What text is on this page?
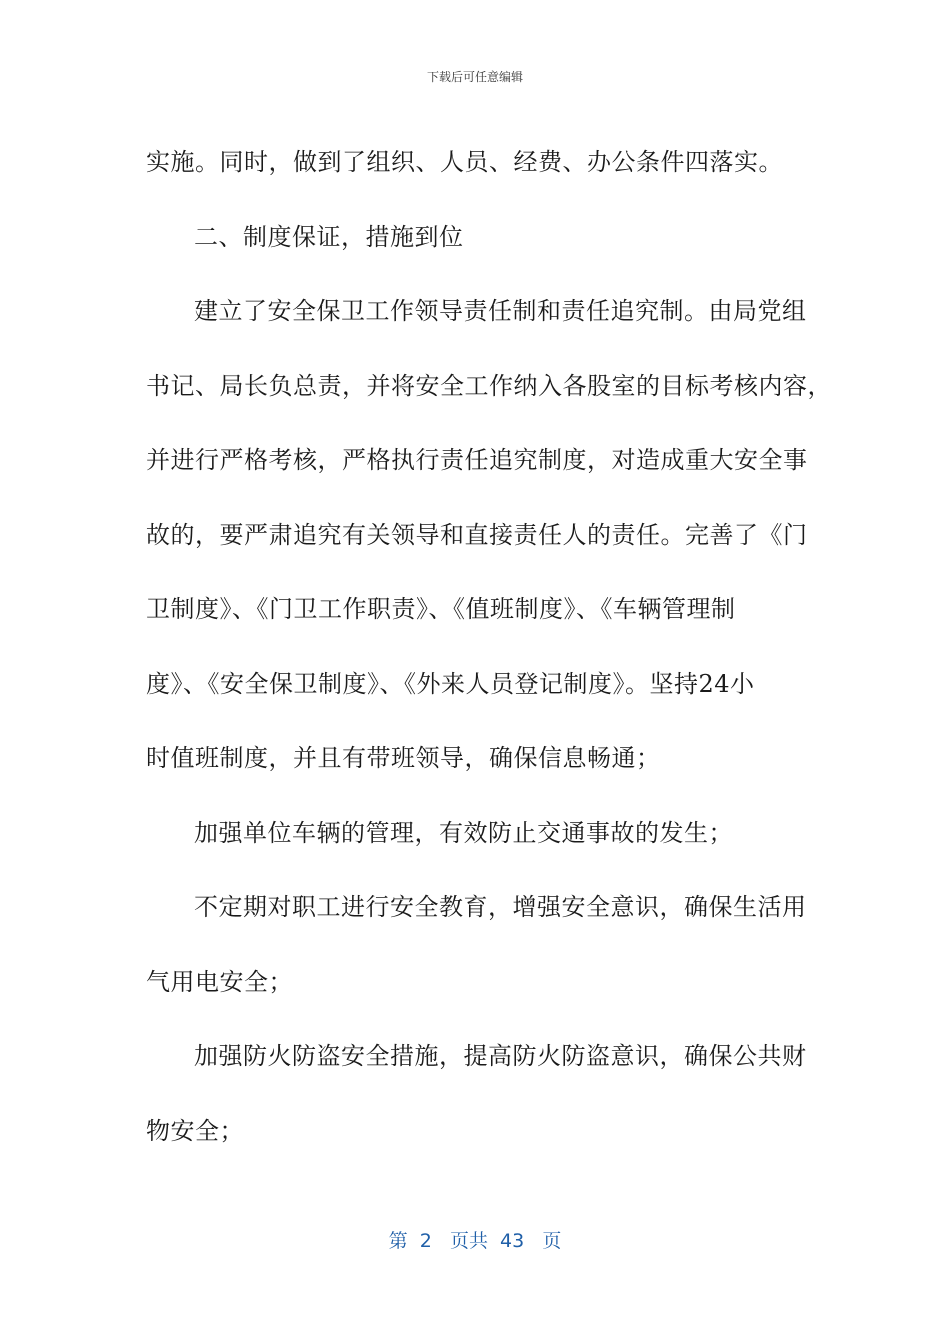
下载后可任意编辑

实施。同时，做到了组织、人员、经费、办公条件四落实。

二、制度保证，措施到位

建立了安全保卫工作领导责任制和责任追究制。由局党组

书记、局长负总责，并将安全工作纳入各股室的目标考核内容，

并进行严格考核，严格执行责任追究制度，对造成重大安全事

故的，要严肃追究有关领导和直接责任人的责任。完善了《门

卫制度》、《门卫工作职责》、《值班制度》、《车辆管理制

度》、《安全保卫制度》、《外来人员登记制度》。坚持24小

时值班制度，并且有带班领导，确保信息畅通；

加强单位车辆的管理，有效防止交通事故的发生；

不定期对职工进行安全教育，增强安全意识，确保生活用

气用电安全；

加强防火防盗安全措施，提高防火防盗意识，确保公共财

物安全；

第  2   页共  43   页
